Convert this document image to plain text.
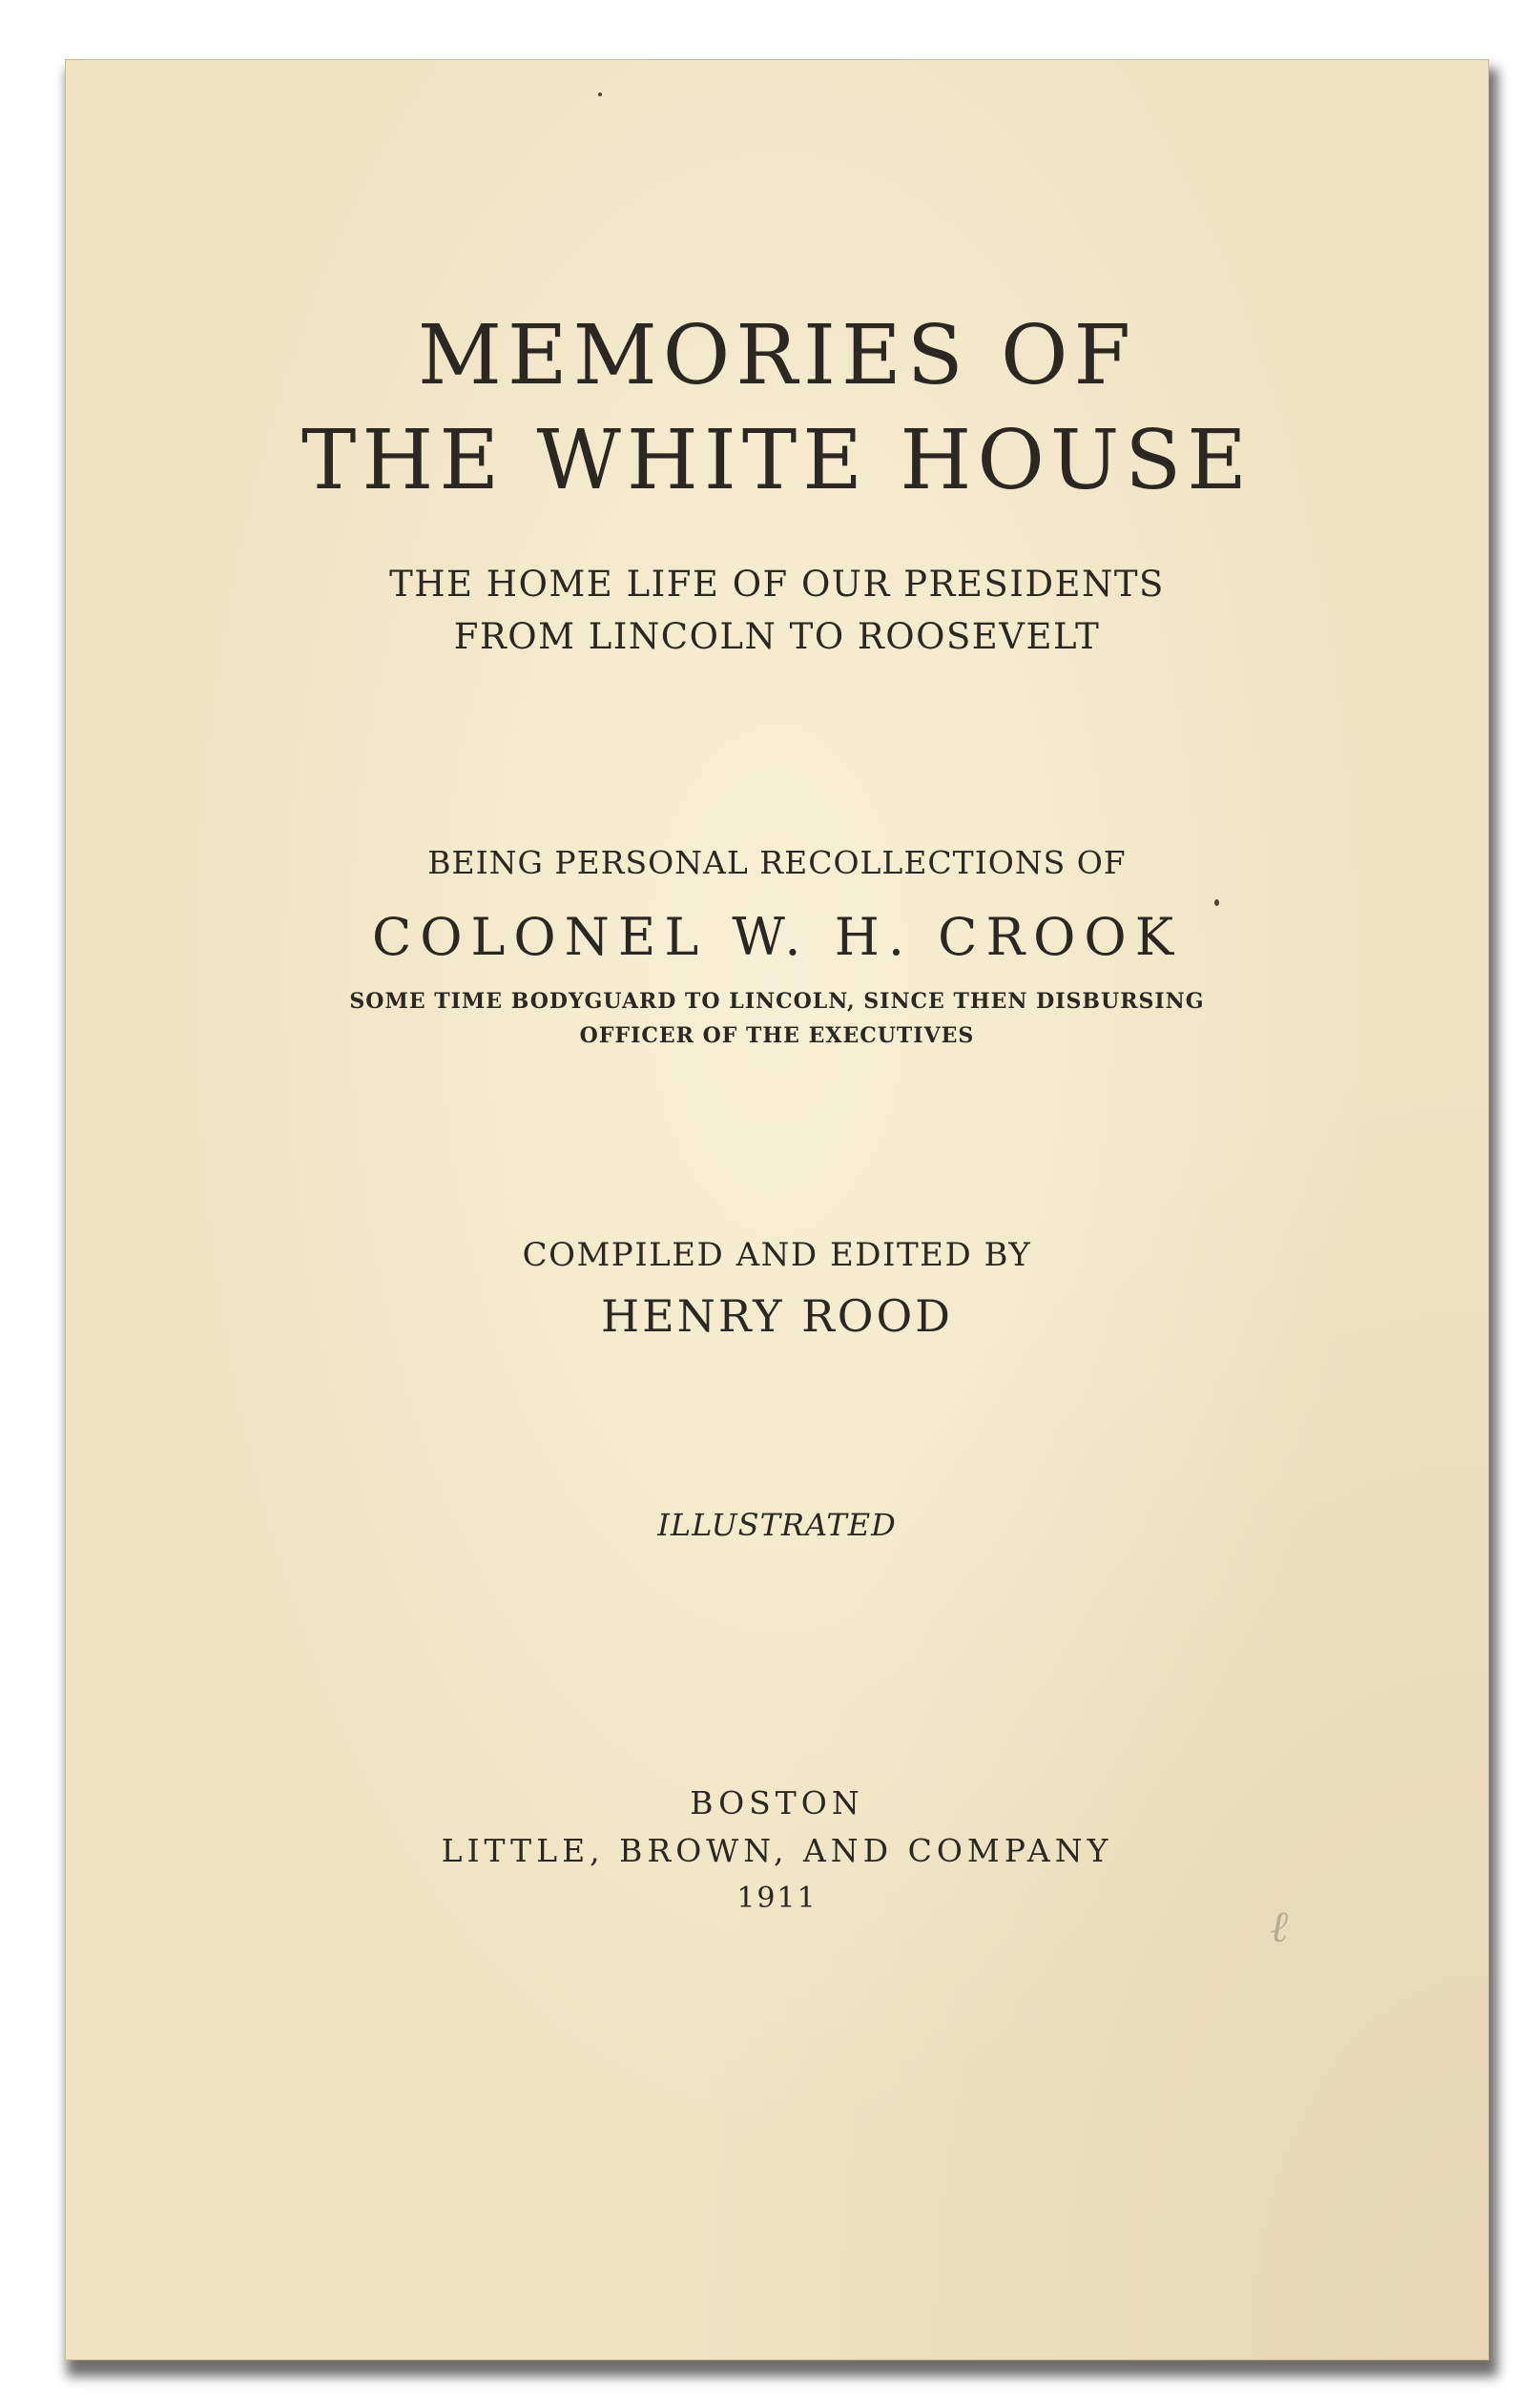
MEMORIES OF
THE WHITE HOUSE
THE HOME LIFE OF OUR PRESIDENTS
FROM LINCOLN TO ROOSEVELT
BEING PERSONAL RECOLLECTIONS OF
COLONEL W. H. CROOK
SOME TIME BODYGUARD TO LINCOLN, SINCE THEN DISBURSING
OFFICER OF THE EXECUTIVES
COMPILED AND EDITED BY
HENRY ROOD
ILLUSTRATED
BOSTON
LITTLE, BROWN, AND COMPANY
1911
ℓ
